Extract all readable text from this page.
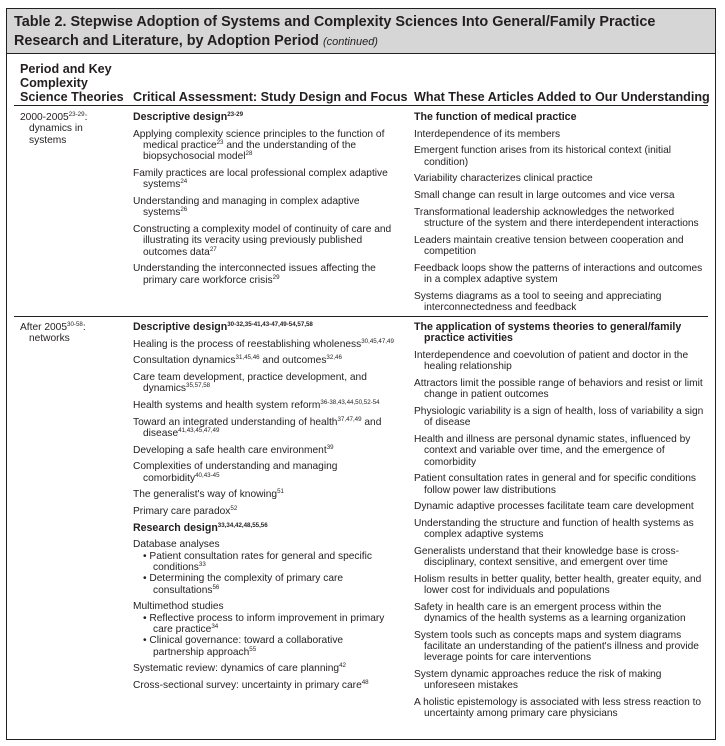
Table 2. Stepwise Adoption of Systems and Complexity Sciences Into General/Family Practice Research and Literature, by Adoption Period (continued)
Period and Key
Complexity
Science Theories Critical Assessment: Study Design and Focus What These Articles Added to Our Understanding
2000-2005$^{23-29}$:
dynamics in systems

Descriptive design$^{23-29}$

Applying complexity science principles to the function of medical practice$^{23}$ and the understanding of the biopsychosocial model$^{28}$

Family practices are local professional complex adaptive systems$^{24}$

Understanding and managing in complex adaptive systems$^{26}$

Constructing a complexity model of continuity of care and illustrating its veracity using previously published outcomes data$^{27}$

Understanding the interconnected issues affecting the primary care workforce crisis$^{29}$

The function of medical practice

Interdependence of its members

Emergent function arises from its historical context (initial condition)

Variability characterizes clinical practice

Small change can result in large outcomes and vice versa

Transformational leadership acknowledges the networked structure of the system and there interdependent interactions

Leaders maintain creative tension between cooperation and competition

Feedback loops show the patterns of interactions and outcomes in a complex adaptive system

Systems diagrams as a tool to seeing and appreciating interconnectedness and feedback

After 2005$^{30-58}$:
networks

Descriptive design$^{30-32,35-41,43-47,49-54,57,58}$

Healing is the process of reestablishing wholeness$^{30,45,47,49}$

Consultation dynamics$^{31,45,46}$ and outcomes$^{32,46}$

Care team development, practice development, and dynamics$^{35,57,58}$

Health systems and health system reform$^{36-38,43,44,50,52-54}$

Toward an integrated understanding of health$^{37,47,49}$ and disease$^{41,43,45,47,49}$

Developing a safe health care environment$^{39}$

Complexities of understanding and managing comorbidity$^{40,43-45}$

The generalist's way of knowing$^{51}$

Primary care paradox$^{52}$

Research design$^{33,34,42,48,55,56}$

Database analyses

• Patient consultation rates for general and specific conditions$^{33}$

• Determining the complexity of primary care consultations$^{56}$

Multimethod studies

• Reflective process to inform improvement in primary care practice$^{34}$

• Clinical governance: toward a collaborative partnership approach$^{55}$

Systematic review: dynamics of care planning$^{42}$

Cross-sectional survey: uncertainty in primary care$^{48}$

The application of systems theories to general/family practice activities

Interdependence and coevolution of patient and doctor in the healing relationship

Attractors limit the possible range of behaviors and resist or limit change in patient outcomes

Physiologic variability is a sign of health, loss of variability a sign of disease

Health and illness are personal dynamic states, influenced by context and variable over time, and the emergence of comorbidity

Patient consultation rates in general and for specific conditions follow power law distributions

Dynamic adaptive processes facilitate team care development

Understanding the structure and function of health systems as complex adaptive systems

Generalists understand that their knowledge base is cross-disciplinary, context sensitive, and emergent over time

Holism results in better quality, better health, greater equity, and lower cost for individuals and populations

Safety in health care is an emergent process within the dynamics of the health systems as a learning organization

System tools such as concepts maps and system diagrams facilitate an understanding of the patient's illness and provide leverage points for care interventions

System dynamic approaches reduce the risk of making unforeseen mistakes

A holistic epistemology is associated with less stress reaction to uncertainty among primary care physicians
